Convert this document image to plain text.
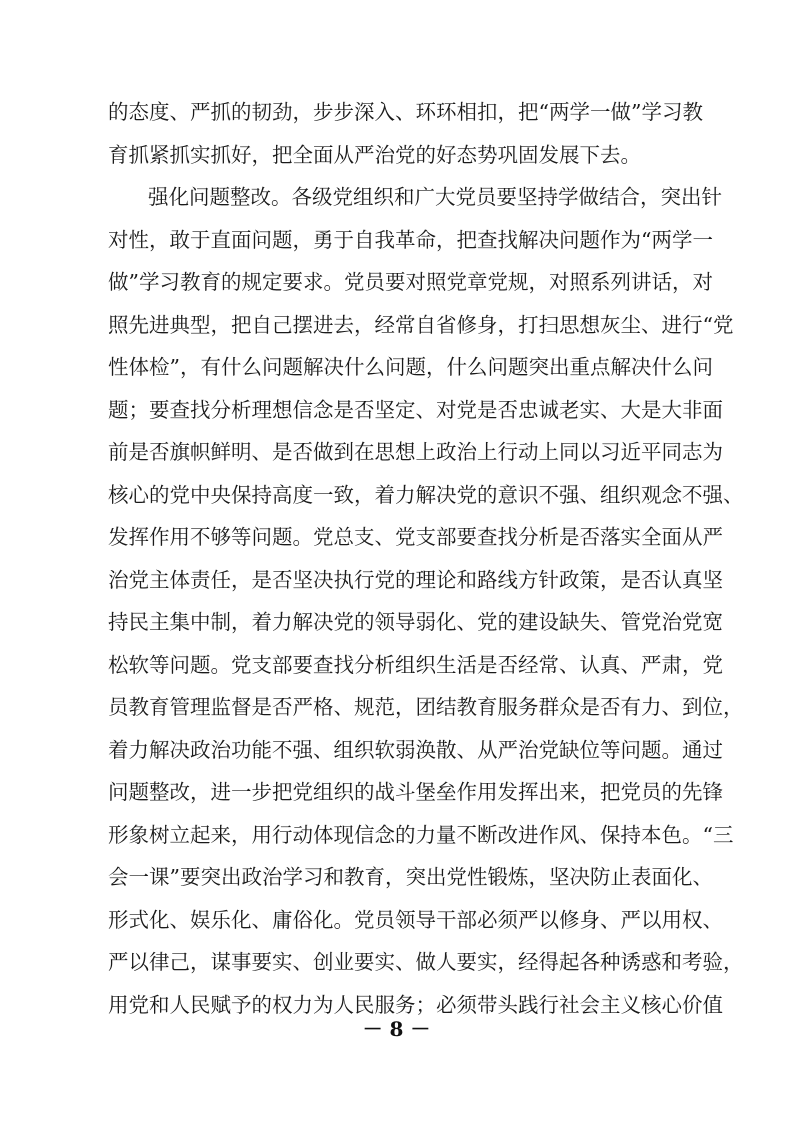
的态度、严抓的韧劲，步步深入、环环相扣，把“两学一做”学习教
育抓紧抓实抓好，把全面从严治党的好态势巩固发展下去。
强化问题整改。各级党组织和广大党员要坚持学做结合，突出针
对性，敢于直面问题，勇于自我革命，把查找解决问题作为“两学一
做”学习教育的规定要求。党员要对照党章党规，对照系列讲话，对
照先进典型，把自己摆进去，经常自省修身，打扫思想灰尘、进行“党
性体检”，有什么问题解决什么问题，什么问题突出重点解决什么问
题；要查找分析理想信念是否坚定、对党是否忠诚老实、大是大非面
前是否旗帜鲜明、是否做到在思想上政治上行动上同以习近平同志为
核心的党中央保持高度一致，着力解决党的意识不强、组织观念不强、
发挥作用不够等问题。党总支、党支部要查找分析是否落实全面从严
治党主体责任，是否坚决执行党的理论和路线方针政策，是否认真坚
持民主集中制，着力解决党的领导弱化、党的建设缺失、管党治党宽
松软等问题。党支部要查找分析组织生活是否经常、认真、严肃，党
员教育管理监督是否严格、规范，团结教育服务群众是否有力、到位，
着力解决政治功能不强、组织软弱涣散、从严治党缺位等问题。通过
问题整改，进一步把党组织的战斗堡垒作用发挥出来，把党员的先锋
形象树立起来，用行动体现信念的力量不断改进作风、保持本色。“三
会一课”要突出政治学习和教育，突出党性锻炼，坚决防止表面化、
形式化、娱乐化、庸俗化。党员领导干部必须严以修身、严以用权、
严以律己，谋事要实、创业要实、做人要实，经得起各种诱惑和考验，
用党和人民赋予的权力为人民服务；必须带头践行社会主义核心价值
－ 8 －
